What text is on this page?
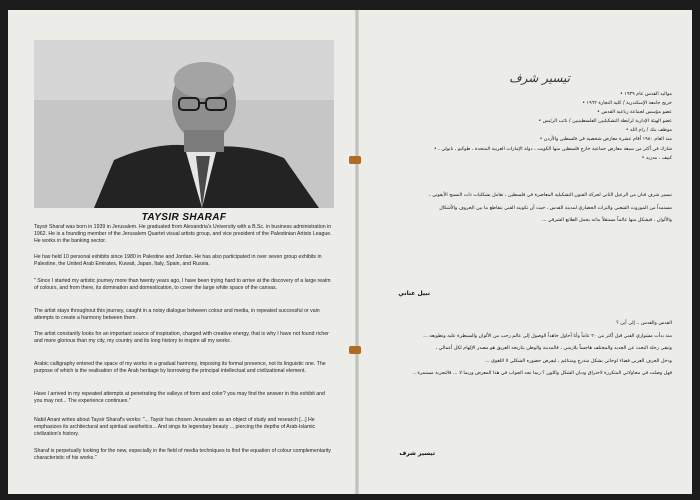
TAYSIR SHARAF

Taysir Sharaf was born in 1939 in Jerusalem. He graduated from Alexandria's University with a B.Sc. in business administration in 1962. He is a founding member of the Jerusalem Quartet visual artists group, and vice president of the Palestinian Artists League. He works in the banking sector.

He has held 10 personal exhibits since 1980 in Palestine and Jordan. He has also participated in over seven group exhibits in Palestine, the United Arab Emirates, Kuwait, Japan, Italy, Spain, and Russia.

" Since I started my artistic journey more than twenty years ago, I have been trying hard to arrive at the discovery of a large realm of colours, and from there, its domination and domestication, to cover the large white space of the canvas.

The artist stays throughout this journey, caught in a noisy dialogue between colour and media, in repeated successful or vain attempts to create a harmony between them .

The artist constantly looks for an important source of inspiration, charged with creative energy, that is why I have not found richer and more glorious than my city, my country and its long history to inspire all my works .

Arabic calligraphy entered the space of my works in a gradual harmony, imposing its formal presence, not its linguistic one. The purpose of which is the realisation of the Arab heritage by borrowing the principal intellectual and civilizational element.

Have I arrived in my repeated attempts at penetrating the valleys of form and color? you may find the answer in this exhibit and you may not... The experience continues."

Nabil Anani writes about Taysir Sharaf's works: "... Taysir has chosen Jerusalem as an object of study and research [...] He emphasizes its architectural and spiritual aesthetics... And sings its legendary beauty ... piercing the depths of Arab-Islamic civilization's history.

Sharaf is perpetually looking for the new, especially in the field of media techniques to find the equation of colour complementarity characteristic of his works."

تيسير شرف
مواليد القدس عام ١٩٣٩ •
خريج جامعة الإسكندرية / كلية التجارة ١٩٦٢ •
عضو مؤسس لجماعة رباعية القدس •
عضو الهيئة الإدارية لرابطة التشكيليين الفلسطينيين / نائب الرئيس •
موظف بنك / رام الله •
منذ العام ١٩٨٠ أقام عشرة معارض شخصية في فلسطين والأردن •
شارك في أكثر من سبعة معارض جماعية خارج فلسطين منها الكويت ، دولة الإمارات العربية المتحدة ، طوكيو ، نابولي ، •
كييف ، مدريد •

تيسير شرف فنان من الرعيل الثاني لحركة الفنون التشكيلية المعاصرة في فلسطين ، تعامل بشكليات ذات النسيج الأيقوني ،

مستمداً من الموروث الشعبي والتراث الحضاري لمدينة القدس ، حيث أن تكوينه الفني يتقاطع ما بين الحروف والأشكال

والألوان ، فيشكل منها عالماً مستقلاً بذاته يحمل الطابع الشرقي ...

نبيل عناني

القدس والقدس .. إلى أين ؟

منذ بدأت مشواري الفني قبل أكثر من ٢٠ عاماً وأنا أحاول جاهداً الوصول إلى عالم رحب من الألوان والسيطرة عليه وتطويعه ...

وتبقى رحلة البحث عن الجديد والمختلف هاجساً يلازمني ، فالمدينة والوطن بتاريخه العريق هو مصدر الإلهام لكل أعمالي ،

ودخل الحرف العربي فضاء لوحاتي بشكل متدرج ومتناغم ، ليفرض حضوره الشكلي لا اللغوي ...

فهل وصلت في محاولاتي المتكررة لاختراق وديان الشكل واللون ؟ ربما تجد الجواب في هذا المعرض وربما لا ... فالتجربة مستمرة ..

تيسير شرف
